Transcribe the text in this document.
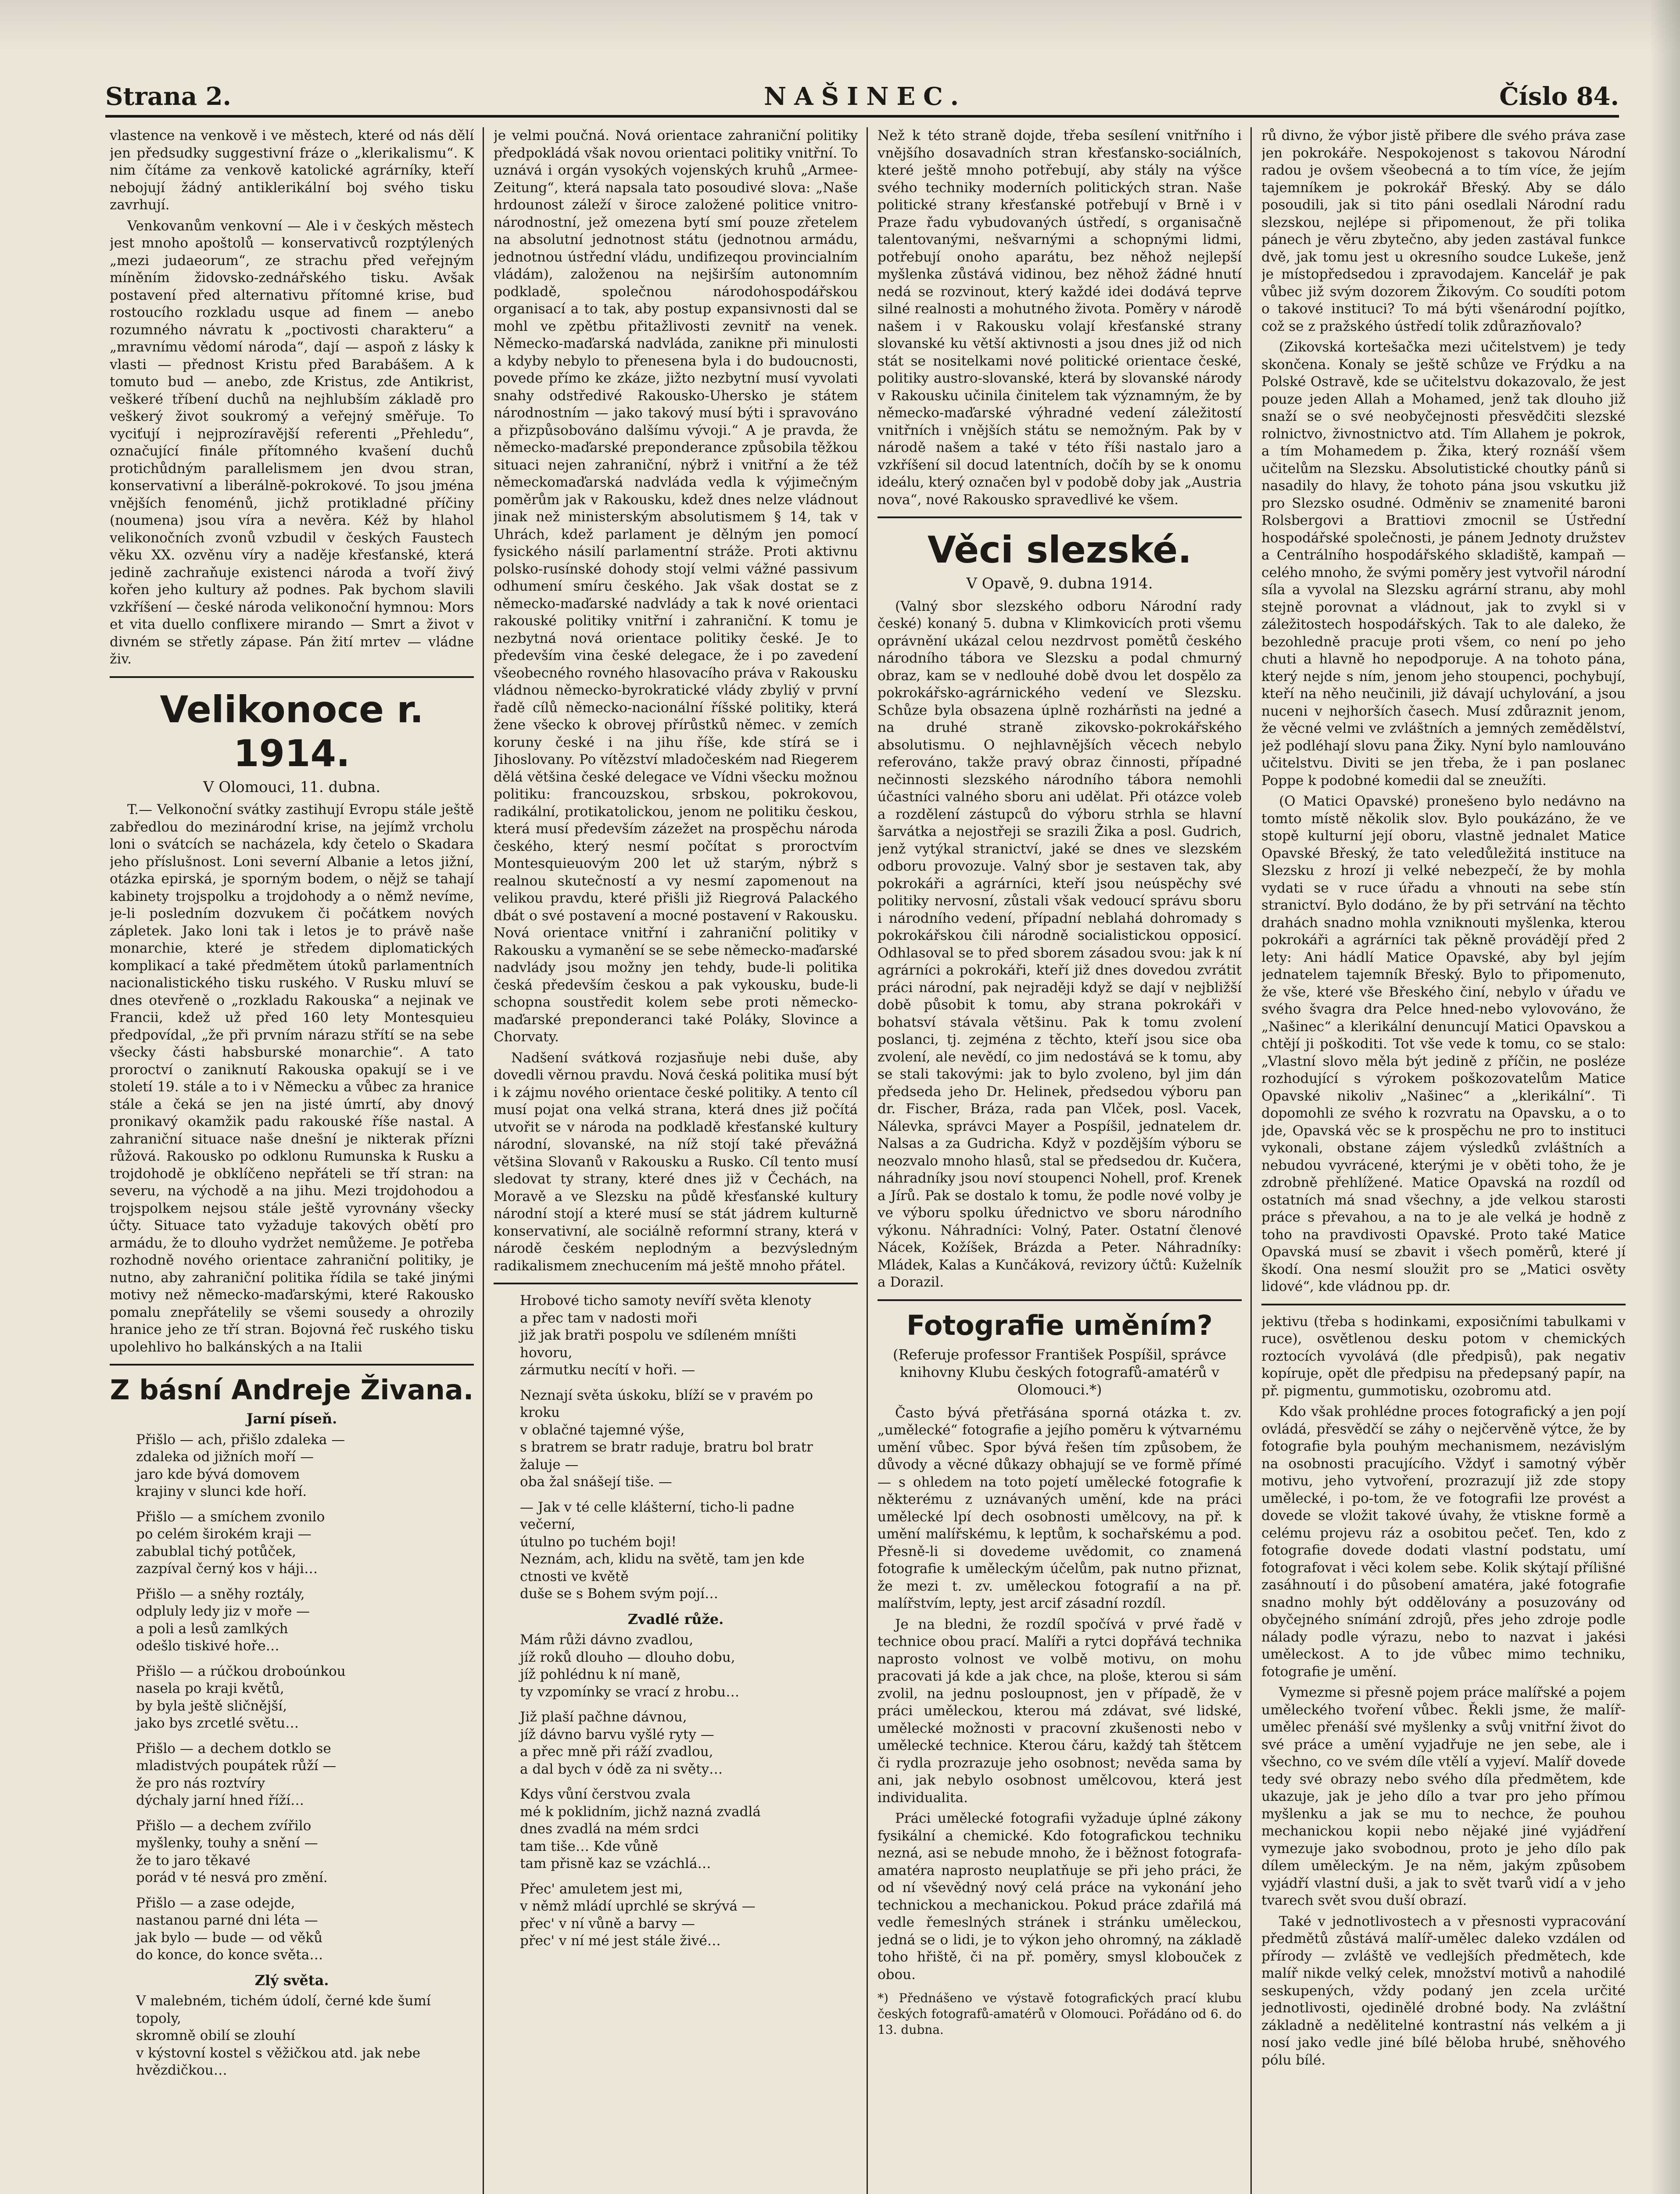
Strana 2.	NAŠINEC.	Číslo 84.

vlastence na venkově i ve městech, které od nás dělí jen předsudky suggestivní fráze o „klerikalismu“. K nim čítáme za venkově katolické agrárníky, kteří nebojují žádný antiklerikální boj svého tisku zavrhují.

Venkovanům venkovní — Ale i v českých městech jest mnoho apoštolů — konservativců rozptýlených „mezi judaeorum“, ze strachu před veřejným míněním židovsko-zednářského tisku. Avšak postavení před alternativu přítomné krise, buď rostoucího rozkladu usque ad finem — anebo rozumného návratu k „poctivosti charakteru“ a „mravnímu vědomí národa“, dají — aspoň z lásky k vlasti — přednost Kristu před Barabášem. A k tomuto bud — anebo, zde Kristus, zde Antikrist, veškeré tříbení duchů na nejhlubším základě pro veškerý život soukromý a veřejný směřuje. To vyciťují i nejprozíravější referenti „Přehledu“, označující finále přítomného kvašení duchů protichůdným parallelismem jen dvou stran, konservativní a liberálně-pokrokové. To jsou jména vnějších fenoménů, jichž protikladné příčiny (noumena) jsou víra a nevěra. Kéž by hlahol velikonočních zvonů vzbudil v českých Faustech věku XX. ozvěnu víry a naděje křesťanské, která jedině zachraňuje existenci národa a tvoří živý kořen jeho kultury až podnes. Pak bychom slavili vzkříšení — české národa velikonoční hymnou: Mors et vita duello conflixere mirando — Smrt a život v divném se střetly zápase. Pán žití mrtev — vládne živ.

Velikonoce r. 1914.
V Olomouci, 11. dubna.

T.— Velkonoční svátky zastihují Evropu stále ještě zabředlou do mezinárodní krise, na jejímž vrcholu loni o svátcích se nacházela, kdy četelo o Skadara jeho příslušnost. Loni severní Albanie a letos jižní, otázka epirská, je sporným bodem, o nějž se tahají kabinety trojspolku a trojdohody a o němž nevíme, je-li posledním dozvukem či počátkem nových zápletek. Jako loni tak i letos je to právě naše monarchie, které je středem diplomatických komplikací a také předmětem útoků parlamentních nacionalistického tisku ruského. V Rusku mluví se dnes otevřeně o „rozkladu Rakouska“ a nejinak ve Francii, kdež už před 160 lety Montesquieu předpovídal, „že při prvním nárazu střítí se na sebe všecky části habsburské monarchie“. A tato proroctví o zaniknutí Rakouska opakují se i ve století 19. stále a to i v Německu a vůbec za hranice stále a čeká se jen na jisté úmrtí, aby dnový pronikavý okamžik padu rakouské říše nastal. A zahraniční situace naše dnešní je nikterak přízni růžová. Rakousko po odklonu Rumunska k Rusku a trojdohodě je obklíčeno nepřáteli se tří stran: na severu, na východě a na jihu. Mezi trojdohodou a trojspolkem nejsou stále ještě vyrovnány všecky účty. Situace tato vyžaduje takových obětí pro armádu, že to dlouho vydržet nemůžeme. Je potřeba rozhodně nového orientace zahraniční politiky, je nutno, aby zahraniční politika řídila se také jinými motivy než německo-maďarskými, které Rakousko pomalu znepřátelily se všemi sousedy a ohrozily hranice jeho ze tří stran. Bojovná řeč ruského tisku upolehlivo ho balkánských a na Italii

Z básní Andreje Živana.

Jarní píseň.

Přišlo — ach, přišlo zdaleka —
zdaleka od jižních moří —
jaro kde bývá domovem
krajiny v slunci kde hoří.

Přišlo — a smíchem zvonilo
po celém širokém kraji —
zabublal tichý potůček,
zazpíval černý kos v háji…

Přišlo — a sněhy roztály,
odpluly ledy jiz v moře —
a poli a lesů zamlkých
odešlo tiskivé hoře…

Přišlo — a rúčkou droboúnkou
nasela po kraji květů,
by byla ještě sličnější,
jako bys zrcetlé světu…

Přišlo — a dechem dotklo se
mladistvých poupátek růží —
že pro nás roztvíry
dýchaly jarní hned říží…

Přišlo — a dechem zvířilo
myšlenky, touhy a snění —
že to jaro těkavé
porád v té nesvá pro změní.

Přišlo — a zase odejde,
nastanou parné dni léta —
jak bylo — bude — od věků
do konce, do konce světa…

Zlý světa.

V malebném, tichém údolí, černé kde šumí
topoly,
skromně obilí se zlouhí
v kýstovní kostel s věžičkou atd. jak nebe
hvězdičkou…

je velmi poučná. Nová orientace zahraniční politiky předpokládá však novou orientaci politiky vnitřní. To uznává i orgán vysokých vojenských kruhů „Armee-Zeitung“, která napsala tato posoudivé slova: „Naše hrdounost záleží v široce založené politice vnitro-národnostní, jež omezena bytí smí pouze zřetelem na absolutní jednotnost státu (jednotnou armádu, jednotnou ústřední vládu, undifizeqou provincialním vládám), založenou na nejširším autonomním podkladě, společnou národohospodářskou organisací a to tak, aby postup expansivnosti dal se mohl ve zpětbu přitažlivosti zevnitř na venek. Německo-maďarská nadvláda, zanikne při minulosti a kdyby nebylo to přenesena byla i do budoucnosti, povede přímo ke zkáze, jižto nezbytní musí vyvolati snahy odstředivé Rakousko-Uhersko je státem národnostním — jako takový musí býti i spravováno a přizpůsobováno dalšímu vývoji.“ A je pravda, že německo-maďarské preponderance způsobila těžkou situaci nejen zahraniční, nýbrž i vnitřní a že též německomaďarská nadvláda vedla k výjimečným poměrům jak v Rakousku, kdež dnes nelze vládnout jinak než ministerským absolutismem § 14, tak v Uhrách, kdež parlament je dělným jen pomocí fysického násilí parlamentní stráže. Proti aktivnu polsko-rusínské dohody stojí velmi vážné passivum odhumení smíru českého. Jak však dostat se z německo-maďarské nadvlády a tak k nové orientaci rakouské politiky vnitřní i zahraniční. K tomu je nezbytná nová orientace politiky české. Je to především vina české delegace, že i po zavedení všeobecného rovného hlasovacího práva v Rakousku vládnou německo-byrokratické vlády zbyliý v první řadě cílů německo-nacionální říšské politiky, která žene všecko k obrovej přírůstků němec. v zemích koruny české i na jihu říše, kde stírá se i Jihoslovany. Po vítězství mladočeském nad Riegerem dělá většina české delegace ve Vídni všecku možnou politiku: francouzskou, srbskou, pokrokovou, radikální, protikatolickou, jenom ne politiku českou, která musí především zázežet na prospěchu národa českého, který nesmí počítat s proroctvím Montesquieuovým 200 let už starým, nýbrž s realnou skutečností a vy nesmí zapomenout na velikou pravdu, které přišli již Riegrová Palackého dbát o své postavení a mocné postavení v Rakousku. Nová orientace vnitřní i zahraniční politiky v Rakousku a vymanění se se sebe německo-maďarské nadvlády jsou možny jen tehdy, bude-li politika česká především českou a pak vykousku, bude-li schopna soustředit kolem sebe proti německo-maďarské preponderanci také Poláky, Slovince a Chorvaty.

Nadšení svátková rozjasňuje nebi duše, aby dovedli věrnou pravdu. Nová česká politika musí být i k zájmu nového orientace české politiky. A tento cíl musí pojat ona velká strana, která dnes již počítá utvořit se v národa na podkladě křesťanské kultury národní, slovanské, na níž stojí také převážná většina Slovanů v Rakousku a Rusko. Cíl tento musí sledovat ty strany, které dnes již v Čechách, na Moravě a ve Slezsku na půdě křesťanské kultury národní stojí a které musí se stát jádrem kulturně konservativní, ale sociálně reformní strany, která v národě českém neplodným a bezvýsledným radikalismem znechucením má ještě mnoho přátel.

Hrobové ticho samoty nevíří světa klenoty
a přec tam v nadosti moři
již jak bratři pospolu ve sdíleném mníšti
hovoru,
zármutku necítí v hoři. —

Neznají světa úskoku, blíží se v pravém po
kroku
v oblačné tajemné výše,
s bratrem se bratr raduje, bratru bol bratr
žaluje —
oba žal snášejí tiše. —

— Jak v té celle klášterní, ticho-li padne
večerní,
útulno po tuchém boji!
Neznám, ach, klidu na světě, tam jen kde
ctnosti ve květě
duše se s Bohem svým pojí…

Zvadlé růže.

Mám růži dávno zvadlou,
jíž roků dlouho — dlouho dobu,
jíž pohlédnu k ní maně,
ty vzpomínky se vrací z hrobu…

Již plaší pačhne dávnou,
jíž dávno barvu vyšlé ryty —
a přec mně při ráží zvadlou,
a dal bych v ódě za ni světy…

Kdys vůní čerstvou zvala
mé k poklidním, jichž nazná zvadlá
dnes zvadlá na mém srdci
tam tiše… Kde vůně
tam přisně kaz se vzáchlá…

Přec' amuletem jest mi,
v němž mládí uprchlé se skrývá —
přec' v ní vůně a barvy —
přec' v ní mé jest stále živé…

Než k této straně dojde, třeba sesílení vnitřního i vnějšího dosavadních stran křesťansko-sociálních, které ještě mnoho potřebují, aby stály na výšce svého techniky moderních politických stran. Naše politické strany křesťanské potřebují v Brně i v Praze řadu vybudovaných ústředí, s organisačně talentovanými, nešvarnými a schopnými lidmi, potřebují onoho aparátu, bez něhož nejlepší myšlenka zůstává vidinou, bez něhož žádné hnutí nedá se rozvinout, který každé idei dodává teprve silné realnosti a mohutného života. Poměry v národě našem i v Rakousku volají křesťanské strany slovanské ku větší aktivnosti a jsou dnes již od nich stát se nositelkami nové politické orientace české, politiky austro-slovanské, která by slovanské národy v Rakousku učinila činitelem tak významným, že by německo-maďarské výhradné vedení záležitostí vnitřních i vnějších státu se nemožným. Pak by v národě našem a také v této říši nastalo jaro a vzkříšení sil docud latentních, dočíh by se k onomu ideálu, který označen byl v podobě doby jak „Austria nova“, nové Rakousko spravedlivé ke všem.

Věci slezské.
V Opavě, 9. dubna 1914.

(Valný sbor slezského odboru Národní rady české) konaný 5. dubna v Klimkovicích proti všemu oprávnění ukázal celou nezdrvost pomětů českého národního tábora ve Slezsku a podal chmurný obraz, kam se v nedlouhé době dvou let dospělo za pokrokářsko-agrárnického vedení ve Slezsku. Schůze byla obsazena úplně rozhárňsti na jedné a na druhé straně zikovsko-pokrokářského absolutismu. O nejhlavnějších věcech nebylo referováno, takže pravý obraz činnosti, případné nečinnosti slezského národního tábora nemohli účastníci valného sboru ani udělat. Při otázce voleb a rozdělení zástupců do výboru strhla se hlavní šarvátka a nejostřeji se srazili Žika a posl. Gudrich, jenž vytýkal stranictví, jaké se dnes ve slezském odboru provozuje. Valný sbor je sestaven tak, aby pokrokáři a agrárníci, kteří jsou neúspěchy své politiky nervosní, zůstali však vedoucí správu sboru i národního vedení, případní neblahá dohromady s pokrokářskou čili národně socialistickou opposicí. Odhlasoval se to před sborem zásadou svou: jak k ní agrárníci a pokrokáři, kteří již dnes dovedou zvrátit práci národní, pak nejraději když se dají v nejbližší době působit k tomu, aby strana pokrokáři v bohatsví stávala většinu. Pak k tomu zvolení poslanci, tj. zejména z těchto, kteří jsou sice oba zvolení, ale nevědí, co jim nedostává se k tomu, aby se stali takovými: jak to bylo zvoleno, byl jim dán předseda jeho Dr. Helinek, předsedou výboru pan dr. Fischer, Bráza, rada pan Vlček, posl. Vacek, Nálevka, správci Mayer a Pospíšil, jednatelem dr. Nalsas a za Gudricha. Když v pozdějším výboru se neozvalo mnoho hlasů, stal se předsedou dr. Kučera, náhradníky jsou noví stoupenci Nohell, prof. Krenek a Jírů. Pak se dostalo k tomu, že podle nové volby je ve výboru spolku úřednictvo ve sboru národního výkonu. Náhradníci: Volný, Pater. Ostatní členové Nácek, Kožíšek, Brázda a Peter. Náhradníky: Mládek, Kalas a Kunčáková, revizory účtů: Kuželník a Dorazil.

Fotografie uměním?

(Referuje professor František Pospíšil, správce knihovny Klubu českých fotografů-amatérů v Olomouci.*)

Často bývá přetřásána sporná otázka t. zv. „umělecké“ fotografie a jejího poměru k výtvarnému umění vůbec. Spor bývá řešen tím způsobem, že důvody a věcné důkazy obhajují se ve formě přímé — s ohledem na toto pojetí umělecké fotografie k některému z uznávaných umění, kde na práci umělecké lpí dech osobnosti umělcovy, na př. k umění malířskému, k leptům, k sochařskému a pod. Přesně-li si dovedeme uvědomit, co znamená fotografie k uměleckým účelům, pak nutno přiznat, že mezi t. zv. uměleckou fotografií a na př. malířstvím, lepty, jest arcif zásadní rozdíl.

Je na bledni, že rozdíl spočívá v prvé řadě v technice obou prací. Malíři a rytci dopřává technika naprosto volnost ve volbě motivu, on mohu pracovati já kde a jak chce, na ploše, kterou si sám zvolil, na jednu posloupnost, jen v případě, že v práci uměleckou, kterou má zdávat, své lidské, umělecké možnosti v pracovní zkušenosti nebo v umělecké technice. Kterou čáru, každý tah štětcem či rydla prozrazuje jeho osobnost; nevěda sama by ani, jak nebylo osobnost umělcovou, která jest individualita.

Práci umělecké fotografii vyžaduje úplné zákony fysikální a chemické. Kdo fotografickou techniku nezná, asi se nebude mnoho, že i běžnost fotografa-amatéra naprosto neuplatňuje se při jeho práci, že od ní vševědný nový celá práce na vykonání jeho technickou a mechanickou. Pokud práce zdařilá má vedle řemeslných stránek i stránku uměleckou, jedná se o lidi, je to výkon jeho ohromný, na základě toho hřiště, či na př. poměry, smysl klobouček z obou.

*) Přednášeno ve výstavě fotografických prací klubu českých fotografů-amatérů v Olomouci. Pořádáno od 6. do 13. dubna.

rů divno, že výbor jistě přibere dle svého práva zase jen pokrokáře. Nespokojenost s takovou Národní radou je ovšem všeobecná a to tím více, že jejím tajemníkem je pokrokář Břeský. Aby se dálo posoudili, jak si tito páni osedlali Národní radu slezskou, nejlépe si připomenout, že při tolika pánech je věru zbytečno, aby jeden zastával funkce dvě, jak tomu jest u okresního soudce Lukeše, jenž je místopředsedou i zpravodajem. Kancelář je pak vůbec již svým dozorem Žikovým. Co soudíti potom o takové instituci? To má býti všenárodní pojítko, což se z pražského ústředí tolik zdůrazňovalo?

(Zikovská kortešačka mezi učitelstvem) je tedy skončena. Konaly se ještě schůze ve Frýdku a na Polské Ostravě, kde se učitelstvu dokazovalo, že jest pouze jeden Allah a Mohamed, jenž tak dlouho již snaží se o své neobyčejnosti přesvědčiti slezské rolnictvo, živnostnictvo atd. Tím Allahem je pokrok, a tím Mohamedem p. Žika, který roznáší všem učitelům na Slezsku. Absolutistické choutky pánů si nasadily do hlavy, že tohoto pána jsou vskutku již pro Slezsko osudné. Odměniv se znamenité baroni Rolsbergovi a Brattiovi zmocnil se Ústřední hospodářské společnosti, je pánem Jednoty družstev a Centrálního hospodářského skladiště, kampaň — celého mnoho, že svými poměry jest vytvořil národní síla a vyvolal na Slezsku agrární stranu, aby mohl stejně porovnat a vládnout, jak to zvykl si v záležitostech hospodářských. Tak to ale daleko, že bezohledně pracuje proti všem, co není po jeho chuti a hlavně ho nepodporuje. A na tohoto pána, který nejde s ním, jenom jeho stoupenci, pochybují, kteří na něho neučinili, již dávají uchylování, a jsou nuceni v nejhorších časech. Musí zdůraznit jenom, že věcné velmi ve zvláštních a jemných zemědělství, jež podléhají slovu pana Žiky. Nyní bylo namlouváno učitelstvu. Diviti se jen třeba, že i pan poslanec Poppe k podobné komedii dal se zneužíti.

(O Matici Opavské) pronešeno bylo nedávno na tomto místě několik slov. Bylo poukázáno, že ve stopě kulturní její oboru, vlastně jednalet Matice Opavské Břeský, že tato veledůležitá instituce na Slezsku z hrozí ji velké nebezpečí, že by mohla vydati se v ruce úřadu a vhnouti na sebe stín stranictví. Bylo dodáno, že by při setrvání na těchto drahách snadno mohla vzniknouti myšlenka, kterou pokrokáři a agrárníci tak pěkně provádějí před 2 lety: Ani hádlí Matice Opavské, aby byl jejím jednatelem tajemník Břeský. Bylo to připomenuto, že vše, které vše Břeského činí, nebylo v úřadu ve svého švagra dra Pelce hned-nebo vylovováno, že „Našinec“ a klerikální denuncují Matici Opavskou a chtějí ji poškoditi. Tot vše vede k tomu, co se stalo: „Vlastní slovo měla být jedině z příčin, ne posléze rozhodující s výrokem poškozovatelům Matice Opavské nikoliv „Našinec“ a „klerikální“. Ti dopomohli ze svého k rozvratu na Opavsku, a o to jde, Opavská věc se k prospěchu ne pro to instituci vykonali, obstane zájem výsledků zvláštních a nebudou vyvrácené, kterými je v oběti toho, že je zdrobně přehlížené. Matice Opavská na rozdíl od ostatních má snad všechny, a jde velkou starosti práce s převahou, a na to je ale velká je hodně z toho na pravdivosti Opavské. Proto také Matice Opavská musí se zbavit i všech poměrů, které jí škodí. Ona nesmí sloužit pro se „Matici osvěty lidové“, kde vládnou pp. dr.

jektivu (třeba s hodinkami, exposičními tabulkami v ruce), osvětlenou desku potom v chemických roztocích vyvolává (dle předpisů), pak negativ kopíruje, opět dle předpisu na předepsaný papír, na př. pigmentu, gummotisku, ozobromu atd.

Kdo však prohlédne proces fotografický a jen pojí ovládá, přesvědčí se záhy o nejčervěně výtce, že by fotografie byla pouhým mechanismem, nezávislým na osobnosti pracujícího. Vždyť i samotný výběr motivu, jeho vytvoření, prozrazují již zde stopy umělecké, i po-tom, že ve fotografii lze provést a dovede se vložit takové úvahy, že vtiskne formě a celému projevu ráz a osobitou pečeť. Ten, kdo z fotografie dovede dodati vlastní podstatu, umí fotografovat i věci kolem sebe. Kolik skýtají přílišné zasáhnoutí i do působení amatéra, jaké fotografie snadno mohly být oddělovány a posuzovány od obyčejného snímání zdrojů, přes jeho zdroje podle nálady podle výrazu, nebo to nazvat i jakési uměleckost. A to jde vůbec mimo techniku, fotografie je umění.

Vymezme si přesně pojem práce malířské a pojem uměleckého tvoření vůbec. Řekli jsme, že malíř-umělec přenáší své myšlenky a svůj vnitřní život do své práce a umění vyjadřuje ne jen sebe, ale i všechno, co ve svém díle vtělí a vyjeví. Malíř dovede tedy své obrazy nebo svého díla předmětem, kde ukazuje, jak je jeho dílo a tvar pro jeho přímou myšlenku a jak se mu to nechce, že pouhou mechanickou kopii nebo nějaké jiné vyjádření vymezuje jako svobodnou, proto je jeho dílo pak dílem uměleckým. Je na něm, jakým způsobem vyjádří vlastní duši, a jak to svět tvarů vidí a v jeho tvarech svět svou duší obrazí.

Také v jednotlivostech a v přesnosti vypracování předmětů zůstává malíř-umělec daleko vzdálen od přírody — zvláště ve vedlejších předmětech, kde malíř nikde velký celek, množství motivů a nahodilé seskupených, vždy podaný jen zcela určité jednotlivosti, ojedinělé drobné body. Na zvláštní základně a nedělitelné kontrastní nás velkém a ji nosí jako vedle jiné bílé běloba hrubé, sněhového pólu bílé.
